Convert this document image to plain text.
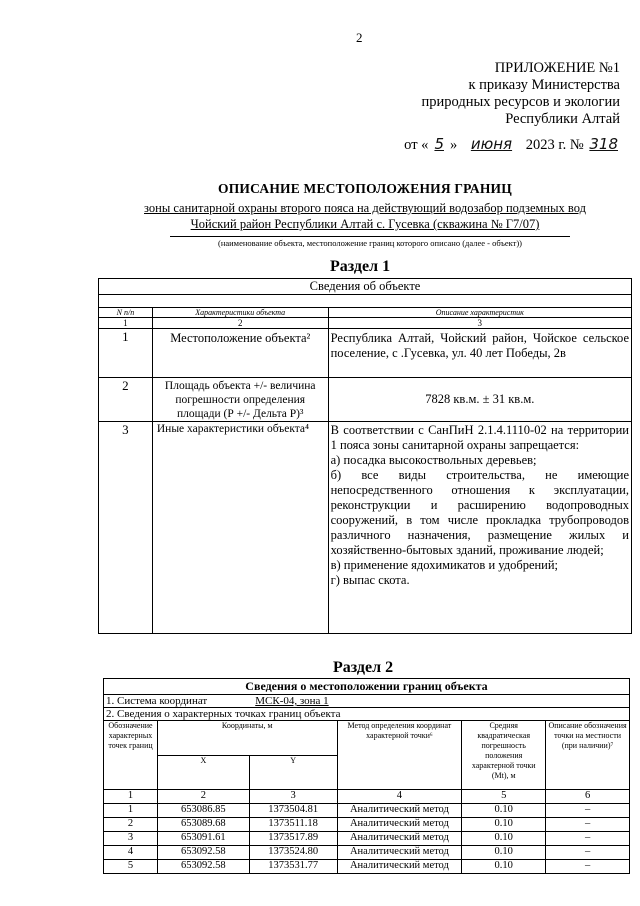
2
ПРИЛОЖЕНИЕ №1
к приказу Министерства
природных ресурсов и экологии
Республики Алтай
от « 5 » июня 2023 г. № 318
ОПИСАНИЕ МЕСТОПОЛОЖЕНИЯ ГРАНИЦ
зоны санитарной охраны второго пояса на действующий водозабор подземных вод
Чойский район Республики Алтай с. Гусевка (скважина № Г7/07)
(наименование объекта, местоположение границ которого описано (далее - объект))
Раздел 1
Сведения об объекте		

N п/п	Характеристики объекта	Описание характеристик
1	2	3
1	Местоположение объекта²	Республика Алтай, Чойский район, Чойское сельское поселение, с .Гусевка, ул. 40 лет Победы, 2в
2	Площадь объекта +/- величина погрешности определения площади (Р +/- Дельта Р)³	7828 кв.м. ± 31 кв.м.
3	Иные характеристики объекта⁴	В соответствии с СанПиН 2.1.4.1110-02 на территории 1 пояса зоны санитарной охраны запрещается:
а) посадка высокоствольных деревьев;
б) все виды строительства, не имеющие непосредственного отношения к эксплуатации, реконструкции и расширению водопроводных сооружений, в том числе прокладка трубопроводов различного назначения, размещение жилых и хозяйственно-бытовых зданий, проживание людей;
в) применение ядохимикатов и удобрений;
г) выпас скота.
Раздел 2
Сведения о местоположении границ объекта					
1. Система координат МСК-04, зона 1					
2. Сведения о характерных точках границ объекта					
Обозначение характерных точек границ	Координаты, м		Метод определения координат характерной точки⁶	Средняя квадратическая погрешность положения характерной точки (Мt), м	Описание обозначения точки на местности (при наличии)⁷
	X	Y			
1	2	3	4	5	6
1	653086.85	1373504.81	Аналитический метод	0.10	–
2	653089.68	1373511.18	Аналитический метод	0.10	–
3	653091.61	1373517.89	Аналитический метод	0.10	–
4	653092.58	1373524.80	Аналитический метод	0.10	–
5	653092.58	1373531.77	Аналитический метод	0.10	–
